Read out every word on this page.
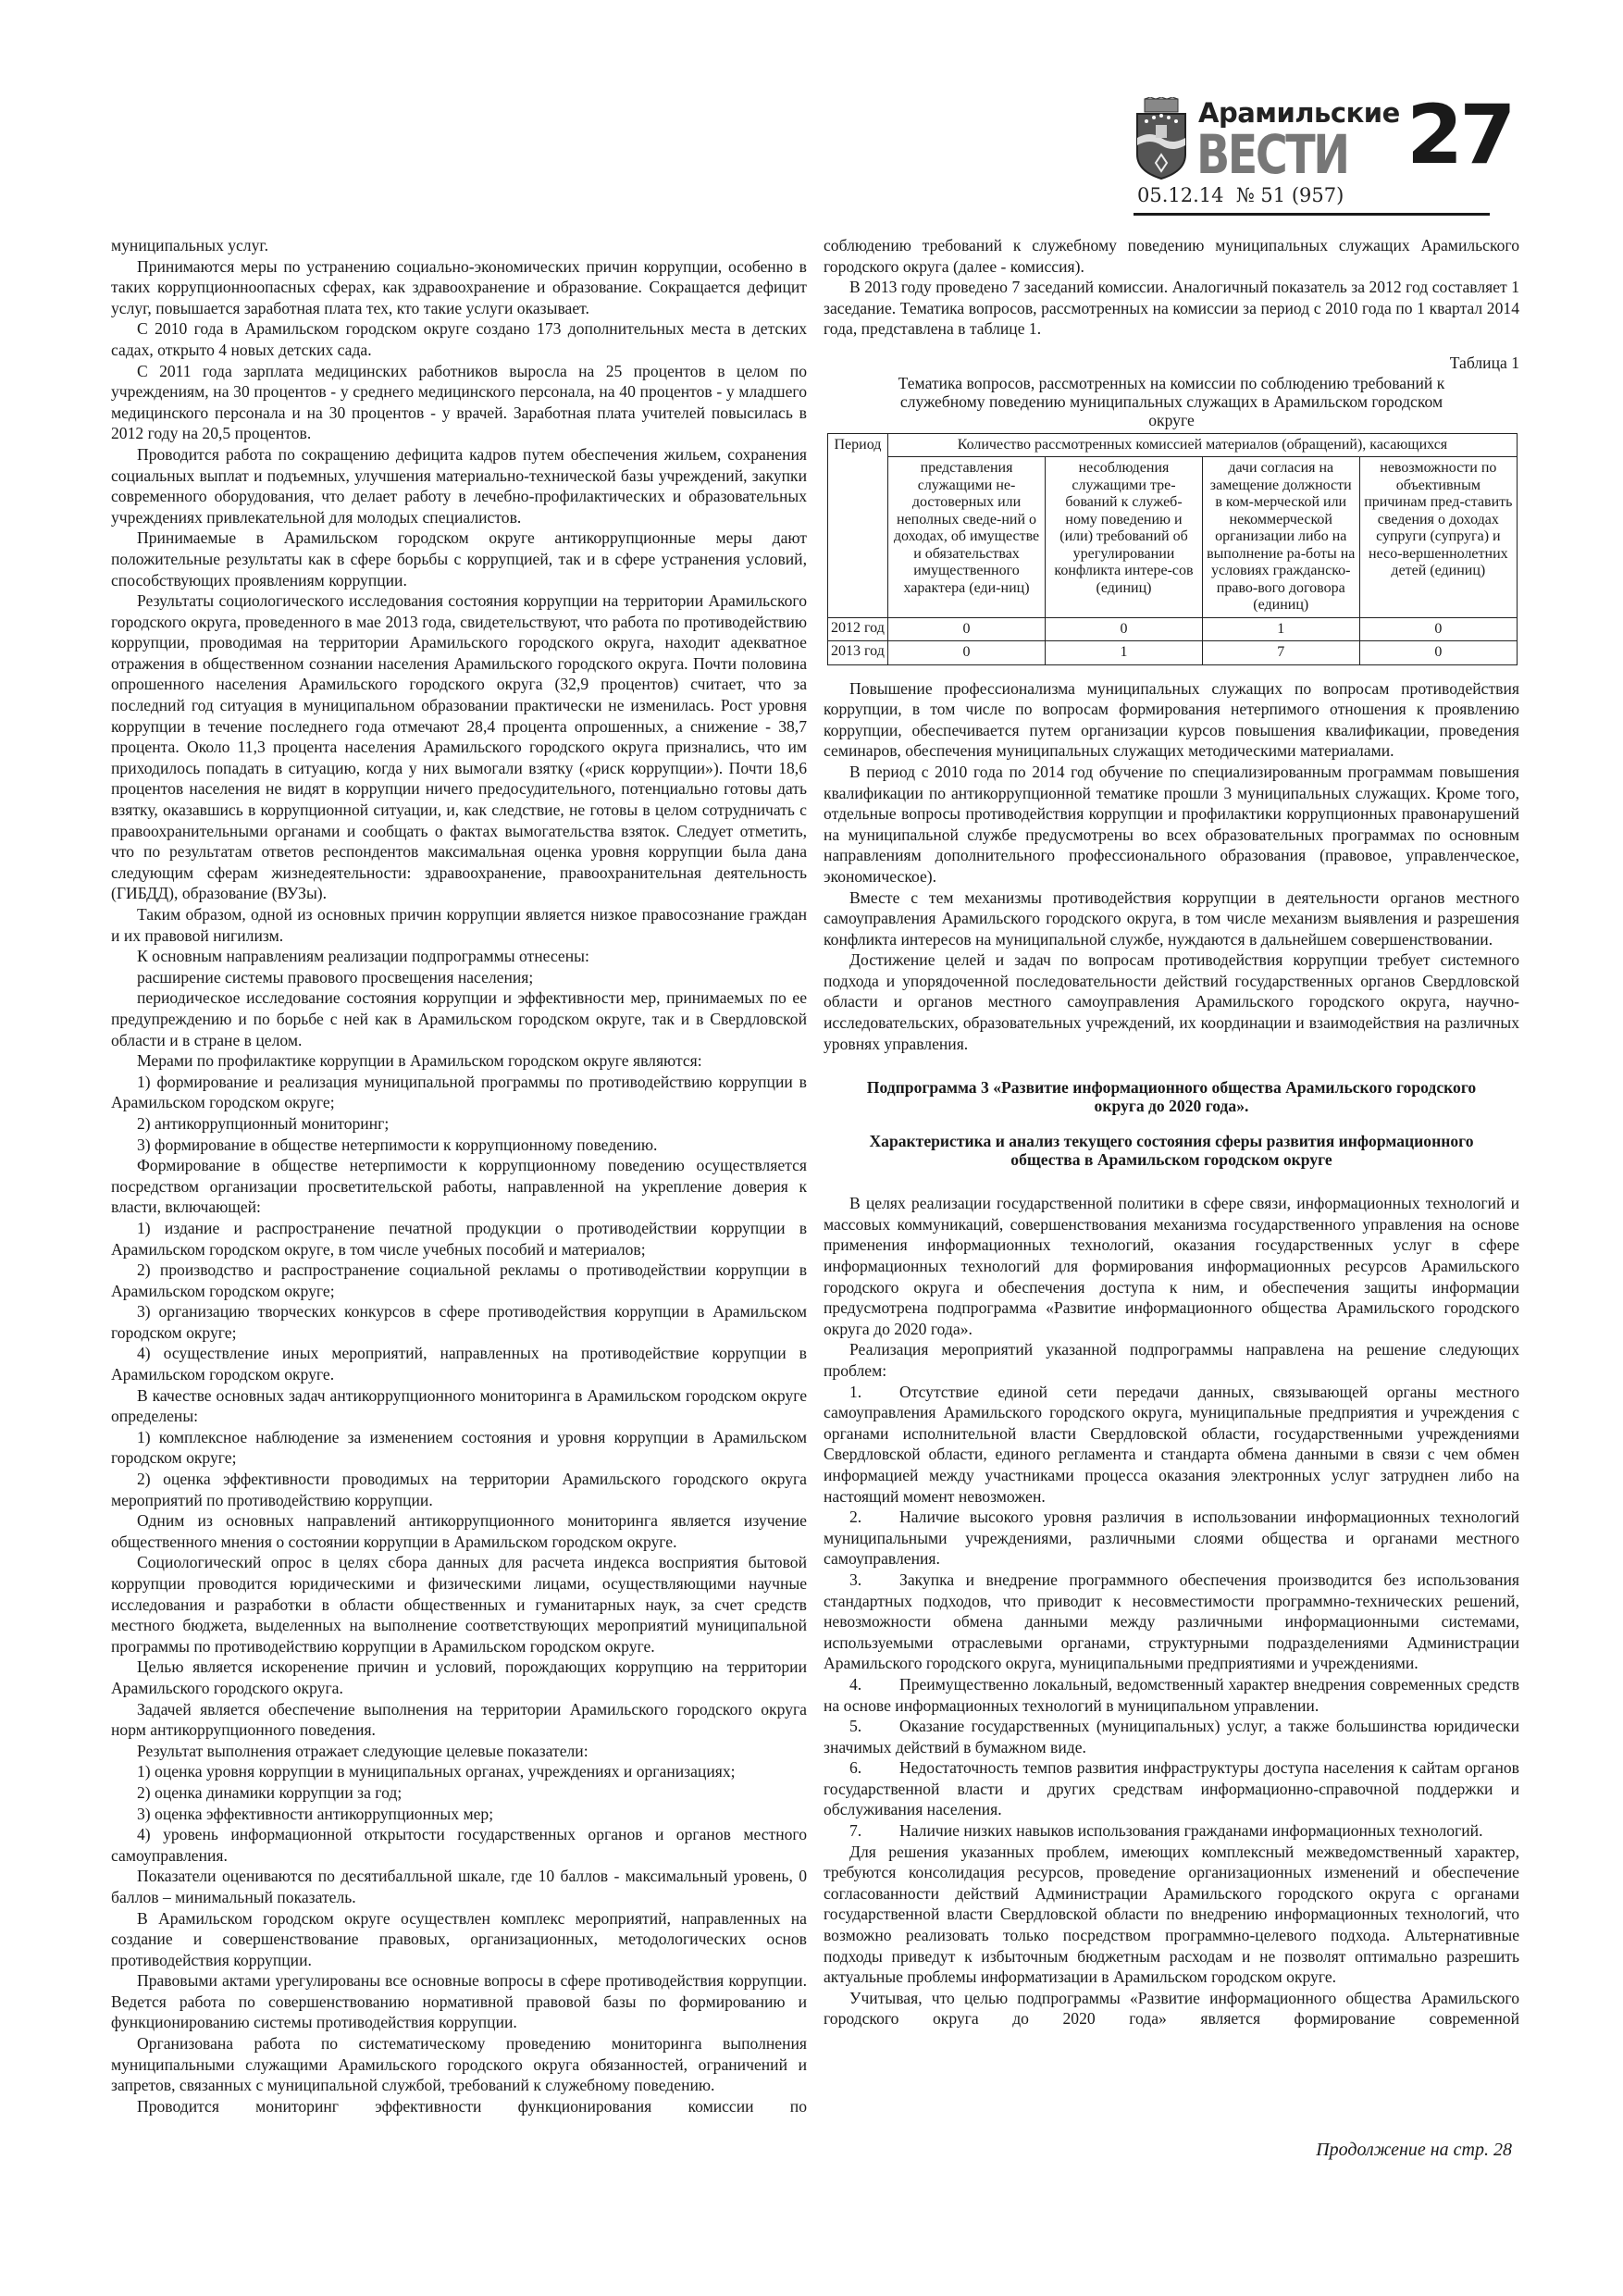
Арамильские
ВЕСТИ 27
05.12.14 № 51 (957)

муниципальных услуг.

Принимаются меры по устранению социально-экономических причин коррупции, особенно в таких коррупционноопасных сферах, как здравоохранение и образование. Сокращается дефицит услуг, повышается заработная плата тех, кто такие услуги оказывает.

С 2010 года в Арамильском городском округе создано 173 дополнительных места в детских садах, открыто 4 новых детских сада.

С 2011 года зарплата медицинских работников выросла на 25 процентов в целом по учреждениям, на 30 процентов - у среднего медицинского персонала, на 40 процентов - у младшего медицинского персонала и на 30 процентов - у врачей. Заработная плата учителей повысилась в 2012 году на 20,5 процентов.

Проводится работа по сокращению дефицита кадров путем обеспечения жильем, сохранения социальных выплат и подъемных, улучшения материально-технической базы учреждений, закупки современного оборудования, что делает работу в лечебно-профилактических и образовательных учреждениях привлекательной для молодых специалистов.

Принимаемые в Арамильском городском округе антикоррупционные меры дают положительные результаты как в сфере борьбы с коррупцией, так и в сфере устранения условий, способствующих проявлениям коррупции.

Результаты социологического исследования состояния коррупции на территории Арамильского городского округа, проведенного в мае 2013 года, свидетельствуют, что работа по противодействию коррупции, проводимая на территории Арамильского городского округа, находит адекватное отражения в общественном сознании населения Арамильского городского округа. Почти половина опрошенного населения Арамильского городского округа (32,9 процентов) считает, что за последний год ситуация в муниципальном образовании практически не изменилась. Рост уровня коррупции в течение последнего года отмечают 28,4 процента опрошенных, а снижение - 38,7 процента. Около 11,3 процента населения Арамильского городского округа признались, что им приходилось попадать в ситуацию, когда у них вымогали взятку («риск коррупции»). Почти 18,6 процентов населения не видят в коррупции ничего предосудительного, потенциально готовы дать взятку, оказавшись в коррупционной ситуации, и, как следствие, не готовы в целом сотрудничать с правоохранительными органами и сообщать о фактах вымогательства взяток. Следует отметить, что по результатам ответов респондентов максимальная оценка уровня коррупции была дана следующим сферам жизнедеятельности: здравоохранение, правоохранительная деятельность (ГИБДД), образование (ВУЗы).

Таким образом, одной из основных причин коррупции является низкое правосознание граждан и их правовой нигилизм.

К основным направлениям реализации подпрограммы отнесены:

расширение системы правового просвещения населения;

периодическое исследование состояния коррупции и эффективности мер, принимаемых по ее предупреждению и по борьбе с ней как в Арамильском городском округе, так и в Свердловской области и в стране в целом.

Мерами по профилактике коррупции в Арамильском городском округе являются:

1) формирование и реализация муниципальной программы по противодействию коррупции в Арамильском городском округе;

2) антикоррупционный мониторинг;

3) формирование в обществе нетерпимости к коррупционному поведению.

Формирование в обществе нетерпимости к коррупционному поведению осуществляется посредством организации просветительской работы, направленной на укрепление доверия к власти, включающей:

1) издание и распространение печатной продукции о противодействии коррупции в Арамильском городском округе, в том числе учебных пособий и материалов;

2) производство и распространение социальной рекламы о противодействии коррупции в Арамильском городском округе;

3) организацию творческих конкурсов в сфере противодействия коррупции в Арамильском городском округе;

4) осуществление иных мероприятий, направленных на противодействие коррупции в Арамильском городском округе.

В качестве основных задач антикоррупционного мониторинга в Арамильском городском округе определены:

1) комплексное наблюдение за изменением состояния и уровня коррупции в Арамильском городском округе;

2) оценка эффективности проводимых на территории Арамильского городского округа мероприятий по противодействию коррупции.

Одним из основных направлений антикоррупционного мониторинга является изучение общественного мнения о состоянии коррупции в Арамильском городском округе.

Социологический опрос в целях сбора данных для расчета индекса восприятия бытовой коррупции проводится юридическими и физическими лицами, осуществляющими научные исследования и разработки в области общественных и гуманитарных наук, за счет средств местного бюджета, выделенных на выполнение соответствующих мероприятий муниципальной программы по противодействию коррупции в Арамильском городском округе.

Целью является искоренение причин и условий, порождающих коррупцию на территории Арамильского городского округа.

Задачей является обеспечение выполнения на территории Арамильского городского округа норм антикоррупционного поведения.

Результат выполнения отражает следующие целевые показатели:

1) оценка уровня коррупции в муниципальных органах, учреждениях и организациях;

2) оценка динамики коррупции за год;

3) оценка эффективности антикоррупционных мер;

4) уровень информационной открытости государственных органов и органов местного самоуправления.

Показатели оцениваются по десятибалльной шкале, где 10 баллов - максимальный уровень, 0 баллов – минимальный показатель.

В Арамильском городском округе осуществлен комплекс мероприятий, направленных на создание и совершенствование правовых, организационных, методологических основ противодействия коррупции.

Правовыми актами урегулированы все основные вопросы в сфере противодействия коррупции. Ведется работа по совершенствованию нормативной правовой базы по формированию и функционированию системы противодействия коррупции.

Организована работа по систематическому проведению мониторинга выполнения муниципальными служащими Арамильского городского округа обязанностей, ограничений и запретов, связанных с муниципальной службой, требований к служебному поведению.

Проводится мониторинг эффективности функционирования комиссии по

соблюдению требований к служебному поведению муниципальных служащих Арамильского городского округа (далее - комиссия).

В 2013 году проведено 7 заседаний комиссии. Аналогичный показатель за 2012 год составляет 1 заседание. Тематика вопросов, рассмотренных на комиссии за период с 2010 года по 1 квартал 2014 года, представлена в таблице 1.

Таблица 1

Тематика вопросов, рассмотренных на комиссии по соблюдению требований к служебному поведению муниципальных служащих в Арамильском городском округе

Период	Количество рассмотренных комиссией материалов (обращений), касающихся			
	представления служащими не-достоверных или неполных сведе-ний о доходах, об имуществе и обязательствах имущественного характера (еди-ниц)	несоблюдения служащими тре-бований к служеб-ному поведению и (или) требований об урегулировании конфликта интере-сов (единиц)	дачи согласия на замещение должности в ком-мерческой или некоммерческой организации либо на выполнение ра-боты на условиях гражданско-право-вого договора (единиц)	невозможности по объективным причинам пред-ставить сведения о доходах супруги (супруга) и несо-вершеннолетних детей (единиц)
2012 год	0	0	1	0
2013 год	0	1	7	0

Повышение профессионализма муниципальных служащих по вопросам противодействия коррупции, в том числе по вопросам формирования нетерпимого отношения к проявлению коррупции, обеспечивается путем организации курсов повышения квалификации, проведения семинаров, обеспечения муниципальных служащих методическими материалами.

В период с 2010 года по 2014 год обучение по специализированным программам повышения квалификации по антикоррупционной тематике прошли 3 муниципальных служащих. Кроме того, отдельные вопросы противодействия коррупции и профилактики коррупционных правонарушений на муниципальной службе предусмотрены во всех образовательных программах по основным направлениям дополнительного профессионального образования (правовое, управленческое, экономическое).

Вместе с тем механизмы противодействия коррупции в деятельности органов местного самоуправления Арамильского городского округа, в том числе механизм выявления и разрешения конфликта интересов на муниципальной службе, нуждаются в дальнейшем совершенствовании.

Достижение целей и задач по вопросам противодействия коррупции требует системного подхода и упорядоченной последовательности действий государственных органов Свердловской области и органов местного самоуправления Арамильского городского округа, научно-исследовательских, образовательных учреждений, их координации и взаимодействия на различных уровнях управления.

Подпрограмма 3 «Развитие информационного общества Арамильского городского округа до 2020 года».
Характеристика и анализ текущего состояния сферы развития информационного общества в Арамильском городском округе

В целях реализации государственной политики в сфере связи, информационных технологий и массовых коммуникаций, совершенствования механизма государственного управления на основе применения информационных технологий, оказания государственных услуг в сфере информационных технологий для формирования информационных ресурсов Арамильского городского округа и обеспечения доступа к ним, и обеспечения защиты информации предусмотрена подпрограмма «Развитие информационного общества Арамильского городского округа до 2020 года».

Реализация мероприятий указанной подпрограммы направлена на решение следующих проблем:

1. Отсутствие единой сети передачи данных, связывающей органы местного самоуправления Арамильского городского округа, муниципальные предприятия и учреждения с органами исполнительной власти Свердловской области, государственными учреждениями Свердловской области, единого регламента и стандарта обмена данными в связи с чем обмен информацией между участниками процесса оказания электронных услуг затруднен либо на настоящий момент невозможен.

2. Наличие высокого уровня различия в использовании информационных технологий муниципальными учреждениями, различными слоями общества и органами местного самоуправления.

3. Закупка и внедрение программного обеспечения производится без использования стандартных подходов, что приводит к несовместимости программно-технических решений, невозможности обмена данными между различными информационными системами, используемыми отраслевыми органами, структурными подразделениями Администрации Арамильского городского округа, муниципальными предприятиями и учреждениями.

4. Преимущественно локальный, ведомственный характер внедрения современных средств на основе информационных технологий в муниципальном управлении.

5. Оказание государственных (муниципальных) услуг, а также большинства юридически значимых действий в бумажном виде.

6. Недостаточность темпов развития инфраструктуры доступа населения к сайтам органов государственной власти и других средствам информационно-справочной поддержки и обслуживания населения.

7. Наличие низких навыков использования гражданами информационных технологий.

Для решения указанных проблем, имеющих комплексный межведомственный характер, требуются консолидация ресурсов, проведение организационных изменений и обеспечение согласованности действий Администрации Арамильского городского округа с органами государственной власти Свердловской области по внедрению информационных технологий, что возможно реализовать только посредством программно-целевого подхода. Альтернативные подходы приведут к избыточным бюджетным расходам и не позволят оптимально разрешить актуальные проблемы информатизации в Арамильском городском округе.

Учитывая, что целью подпрограммы «Развитие информационного общества Арамильского городского округа до 2020 года» является формирование современной

Продолжение на стр. 28
